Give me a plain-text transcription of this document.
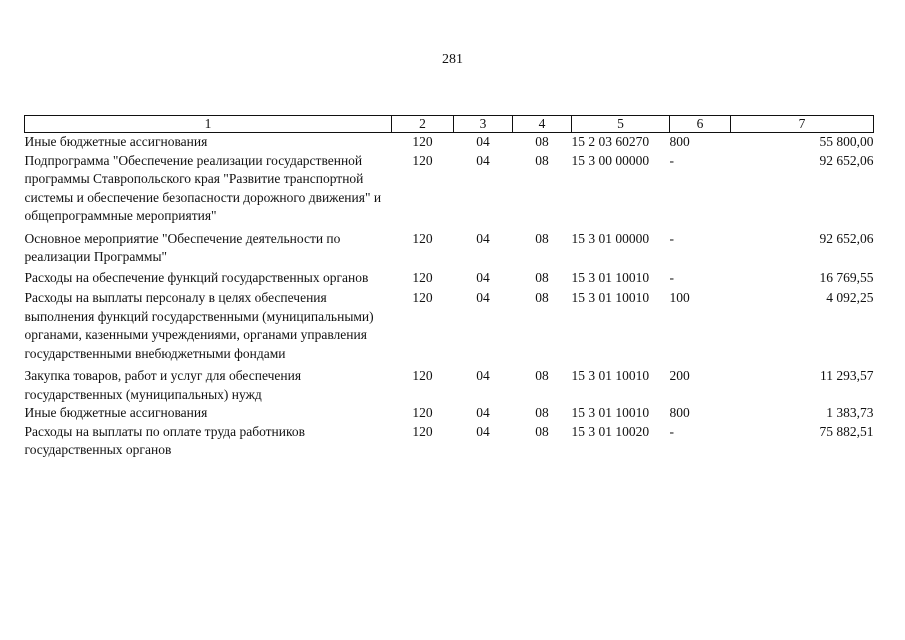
281
1	2	3	4	5	6	7
Иные бюджетные ассигнования	120	04	08	15 2 03 60270	800	55 800,00
Подпрограмма "Обеспечение реализации государственной программы Ставропольского края "Развитие транспортной системы и обеспечение безопасности дорожного движения" и общепрограммные мероприятия"	120	04	08	15 3 00 00000	-	92 652,06
Основное мероприятие "Обеспечение деятельности по реализации Программы"	120	04	08	15 3 01 00000	-	92 652,06
Расходы на обеспечение функций государственных органов	120	04	08	15 3 01 10010	-	16 769,55
Расходы на выплаты персоналу в целях обеспечения выполнения функций государственными (муниципальными) органами, казенными учреждениями, органами управления государственными внебюджетными фондами	120	04	08	15 3 01 10010	100	4 092,25
Закупка товаров, работ и услуг для обеспечения государственных (муниципальных) нужд	120	04	08	15 3 01 10010	200	11 293,57
Иные бюджетные ассигнования	120	04	08	15 3 01 10010	800	1 383,73
Расходы на выплаты по оплате труда работников государственных органов	120	04	08	15 3 01 10020	-	75 882,51
